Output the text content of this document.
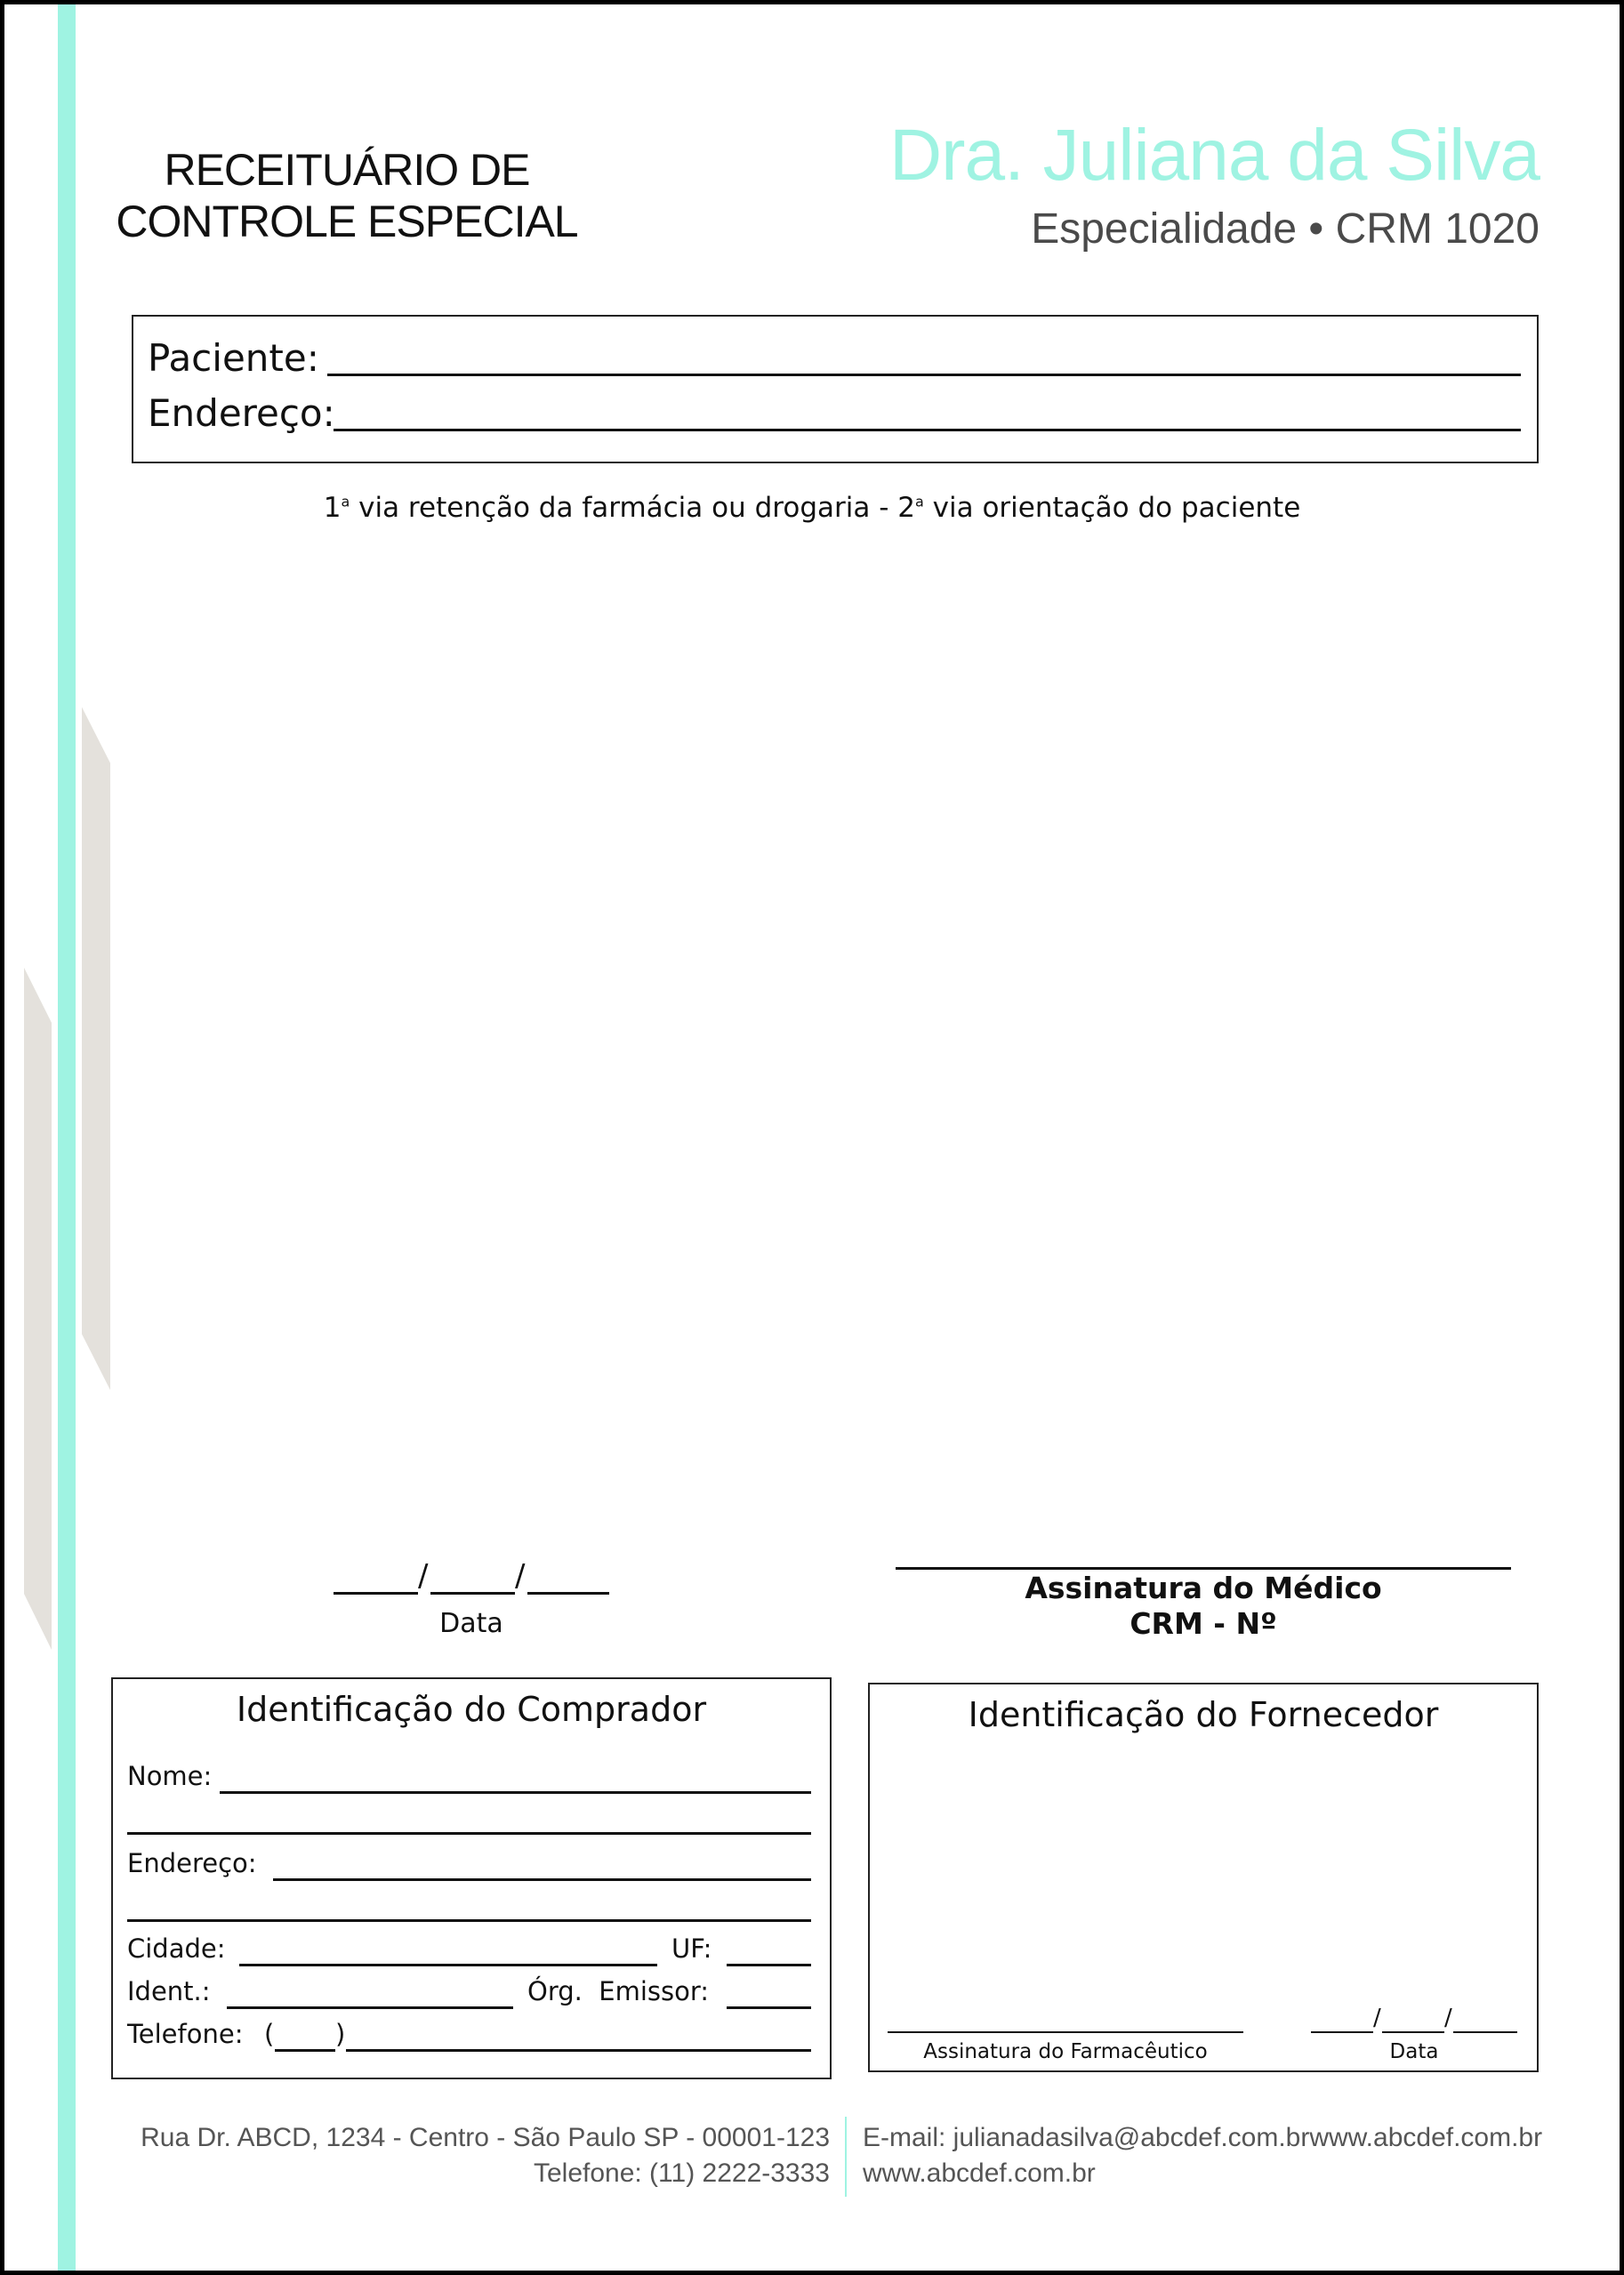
RECEITUÁRIO DE
CONTROLE ESPECIAL
Dra. Juliana da Silva
Especialidade • CRM 1020
Paciente:
Endereço:
1$^a$ via retenção da farmácia ou drogaria - 2$^a$ via orientação do paciente
/	/
Data
Assinatura do Médico
CRM - Nº
Identificação do Comprador
Nome:
Endereço:
Cidade:	UF:
Ident.:	Órg.  Emissor:
Telefone: ( )
Identificação do Fornecedor
Assinatura do Farmacêutico
/	/
Data
Rua Dr. ABCD, 1234 - Centro - São Paulo SP - 00001-123
Telefone: (11) 2222-3333
E-mail: julianadasilva@abcdef.com.brwww.abcdef.com.br
www.abcdef.com.br
